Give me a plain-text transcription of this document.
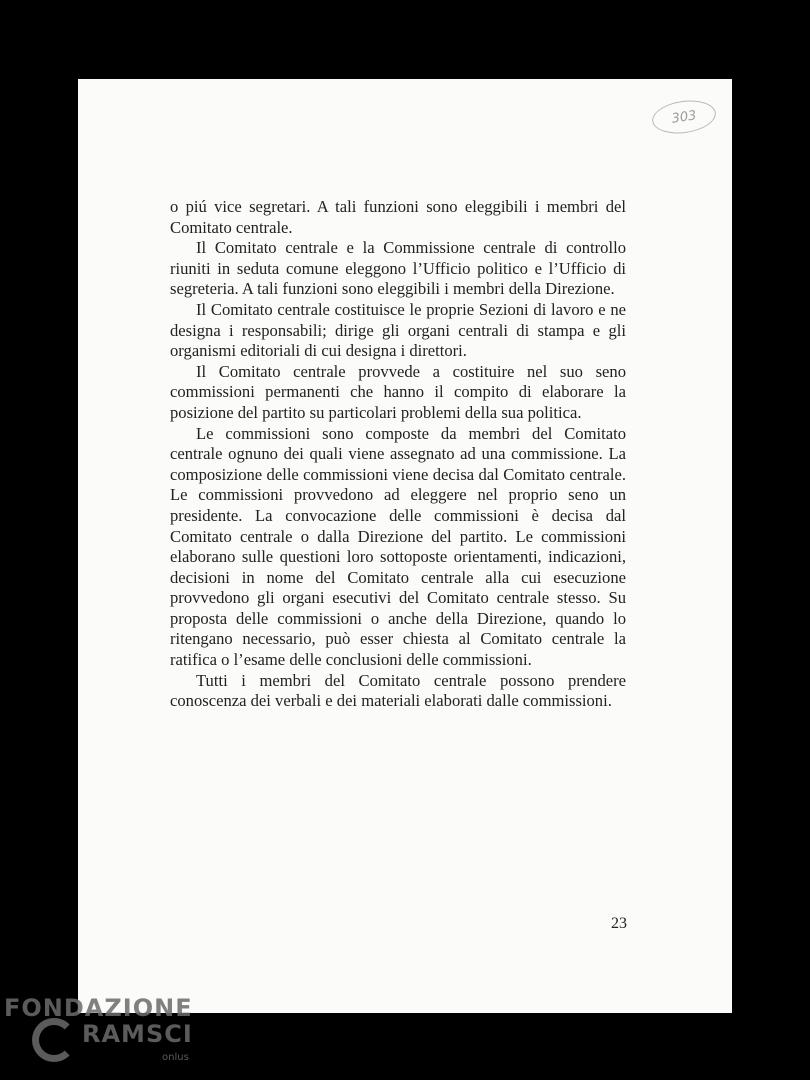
303

o piú vice segretari. A tali funzioni sono eleggibili i membri del Comitato centrale.

Il Comitato centrale e la Commissione centrale di controllo riuniti in seduta comune eleggono l’Ufficio politico e l’Ufficio di segreteria. A tali funzioni sono eleggibili i membri della Direzione.

Il Comitato centrale costituisce le proprie Sezioni di lavoro e ne designa i responsabili; dirige gli organi centrali di stampa e gli organismi editoriali di cui designa i direttori.

Il Comitato centrale provvede a costituire nel suo seno commissioni permanenti che hanno il compito di elaborare la posizione del partito su particolari problemi della sua politica.

Le commissioni sono composte da membri del Comitato centrale ognuno dei quali viene assegnato ad una commissione. La composizione delle commissioni viene decisa dal Comitato centrale. Le commissioni provvedono ad eleggere nel proprio seno un presidente. La convocazione delle commissioni è decisa dal Comitato centrale o dalla Direzione del partito. Le commissioni elaborano sulle questioni loro sottoposte orientamenti, indicazioni, decisioni in nome del Comitato centrale alla cui esecuzione provvedono gli organi esecutivi del Comitato centrale stesso. Su proposta delle commissioni o anche della Direzione, quando lo ritengano necessario, può esser chiesta al Comitato centrale la ratifica o l’esame delle conclusioni delle commissioni.

Tutti i membri del Comitato centrale possono prendere conoscenza dei verbali e dei materiali elaborati dalle commissioni.

23
FONDAZIONE
RAMSCI
onlus
